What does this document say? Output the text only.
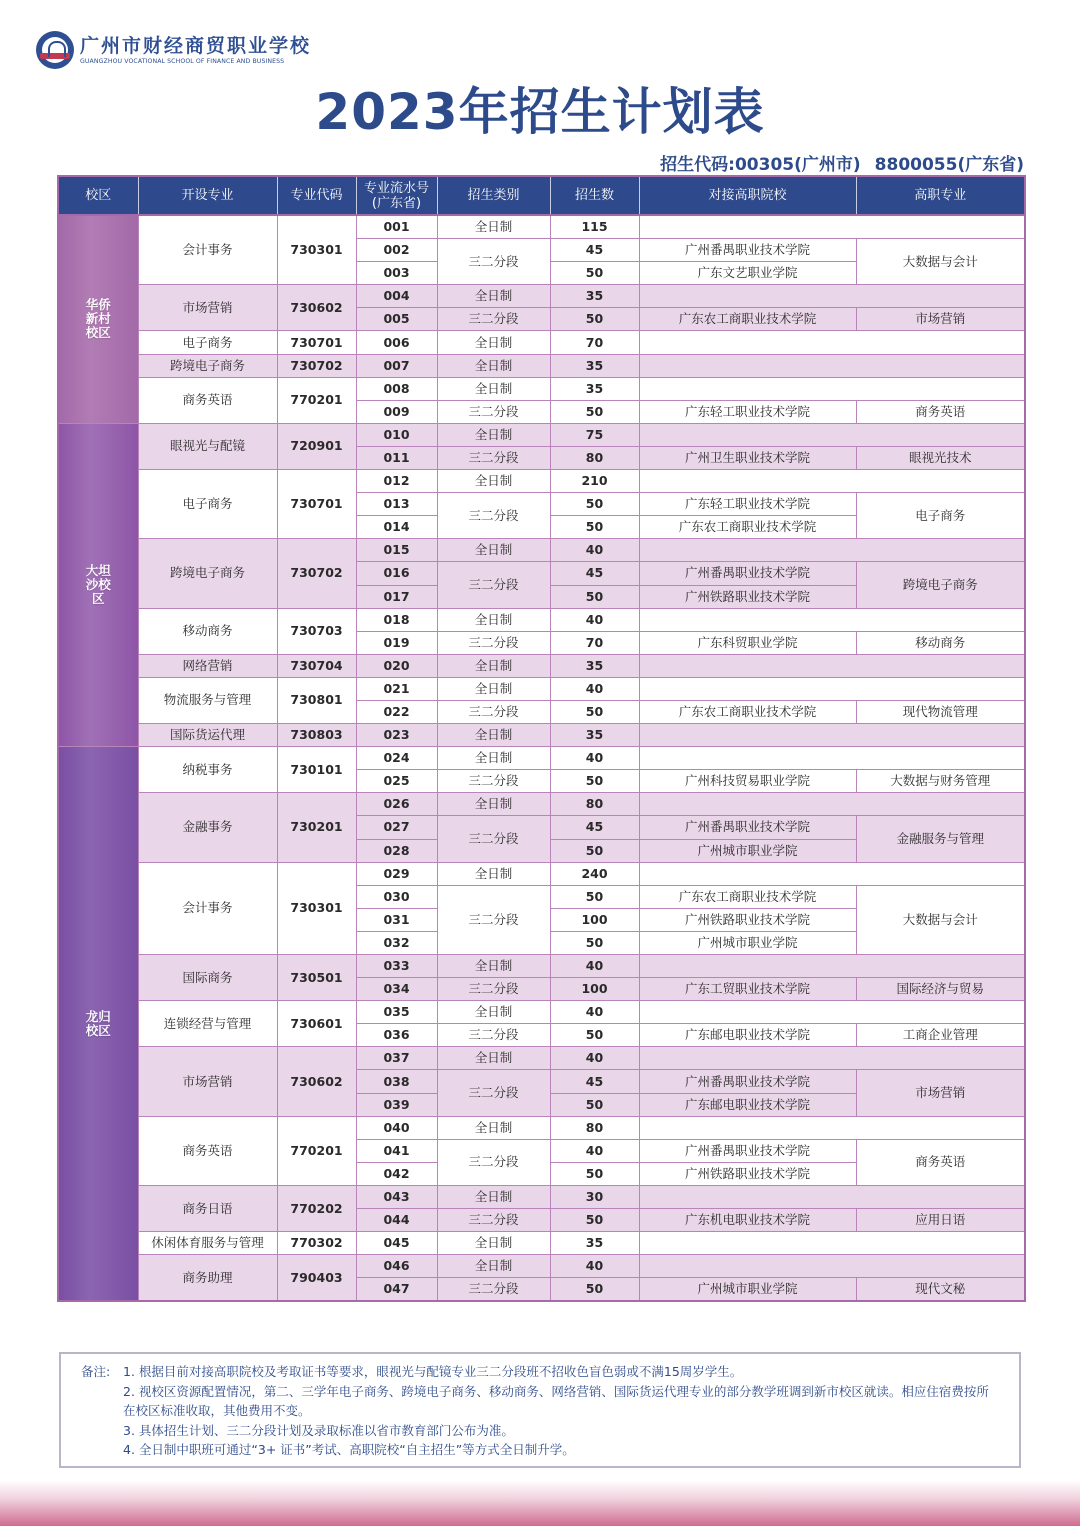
广州市财经商贸职业学校
GUANGZHOU VOCATIONAL SCHOOL OF FINANCE AND BUSINESS
2023年招生计划表
招生代码:00305(广州市) 8800055(广东省)
校区	开设专业	专业代码	专业流水号
(广东省)	招生类别	招生数	对接高职院校	高职专业
华侨新村校区	会计事务	730301	001	全日制	115		
			002	三二分段	45	广州番禺职业技术学院	大数据与会计
			003		50	广东文艺职业学院	
	市场营销	730602	004	全日制	35		
			005	三二分段	50	广东农工商职业技术学院	市场营销
	电子商务	730701	006	全日制	70		
	跨境电子商务	730702	007	全日制	35		
	商务英语	770201	008	全日制	35		
			009	三二分段	50	广东轻工职业技术学院	商务英语
大坦沙校区	眼视光与配镜	720901	010	全日制	75		
			011	三二分段	80	广州卫生职业技术学院	眼视光技术
	电子商务	730701	012	全日制	210		
			013	三二分段	50	广东轻工职业技术学院	电子商务
			014		50	广东农工商职业技术学院	
	跨境电子商务	730702	015	全日制	40		
			016	三二分段	45	广州番禺职业技术学院	跨境电子商务
			017		50	广州铁路职业技术学院	
	移动商务	730703	018	全日制	40		
			019	三二分段	70	广东科贸职业学院	移动商务
	网络营销	730704	020	全日制	35		
	物流服务与管理	730801	021	全日制	40		
			022	三二分段	50	广东农工商职业技术学院	现代物流管理
	国际货运代理	730803	023	全日制	35		
龙归校区	纳税事务	730101	024	全日制	40		
			025	三二分段	50	广州科技贸易职业学院	大数据与财务管理
	金融事务	730201	026	全日制	80		
			027	三二分段	45	广州番禺职业技术学院	金融服务与管理
			028		50	广州城市职业学院	
	会计事务	730301	029	全日制	240		
			030	三二分段	50	广东农工商职业技术学院	大数据与会计
			031		100	广州铁路职业技术学院	
			032		50	广州城市职业学院	
	国际商务	730501	033	全日制	40		
			034	三二分段	100	广东工贸职业技术学院	国际经济与贸易
	连锁经营与管理	730601	035	全日制	40		
			036	三二分段	50	广东邮电职业技术学院	工商企业管理
	市场营销	730602	037	全日制	40		
			038	三二分段	45	广州番禺职业技术学院	市场营销
			039		50	广东邮电职业技术学院	
	商务英语	770201	040	全日制	80		
			041	三二分段	40	广州番禺职业技术学院	商务英语
			042		50	广州铁路职业技术学院	
	商务日语	770202	043	全日制	30		
			044	三二分段	50	广东机电职业技术学院	应用日语
	休闲体育服务与管理	770302	045	全日制	35		
	商务助理	790403	046	全日制	40		
			047	三二分段	50	广州城市职业学院	现代文秘
备注:	1. 根据目前对接高职院校及考取证书等要求，眼视光与配镜专业三二分段班不招收色盲色弱或不满15周岁学生。
2. 视校区资源配置情况，第二、三学年电子商务、跨境电子商务、移动商务、网络营销、国际货运代理专业的部分教学班调到新市校区就读。相应住宿费按所在校区标准收取，其他费用不变。
3. 具体招生计划、三二分段计划及录取标准以省市教育部门公布为准。
4. 全日制中职班可通过“3+ 证书”考试、高职院校“自主招生”等方式全日制升学。
